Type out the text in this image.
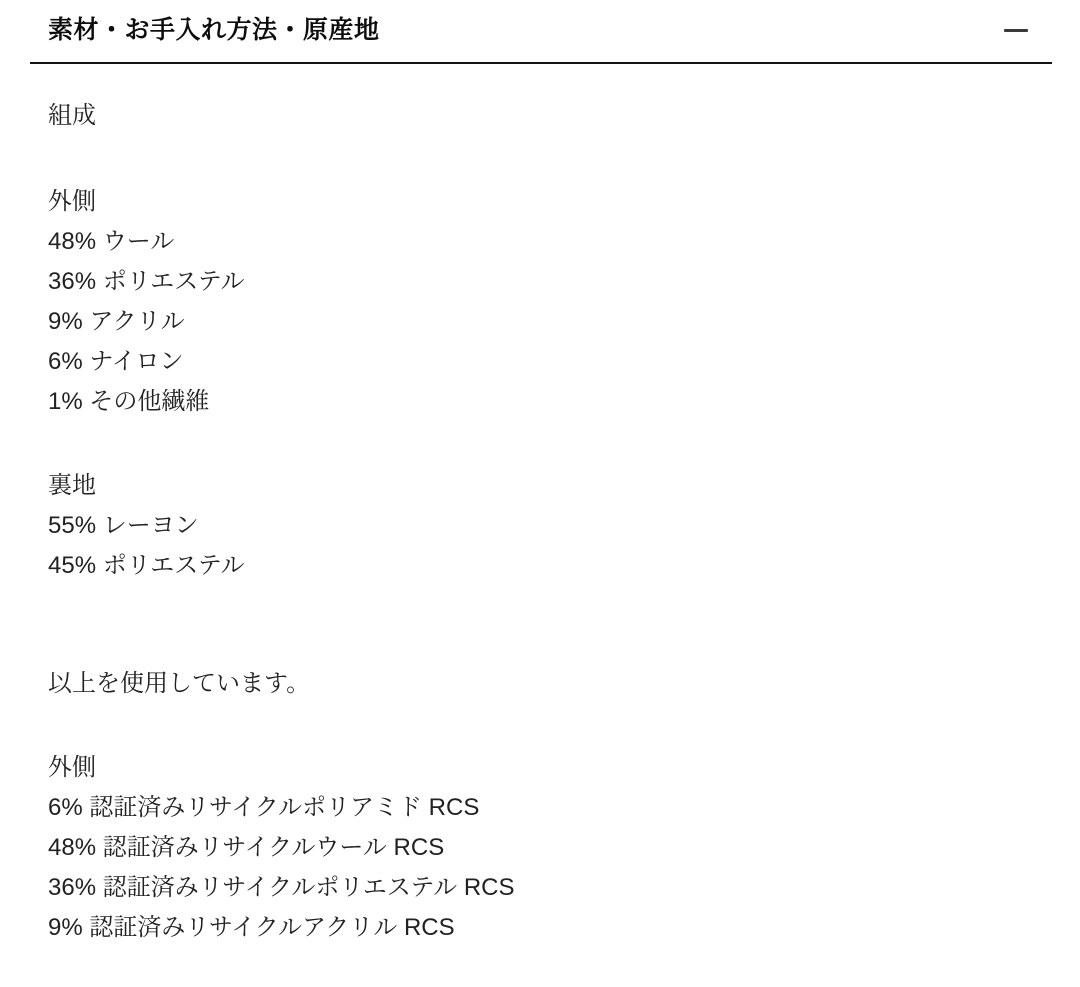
素材・お手入れ方法・原産地

組成

外側

48% ウール

36% ポリエステル

9% アクリル

6% ナイロン

1% その他繊維

裏地

55% レーヨン

45% ポリエステル

以上を使用しています。

外側

6% 認証済みリサイクルポリアミド RCS

48% 認証済みリサイクルウール RCS

36% 認証済みリサイクルポリエステル RCS

9% 認証済みリサイクルアクリル RCS
